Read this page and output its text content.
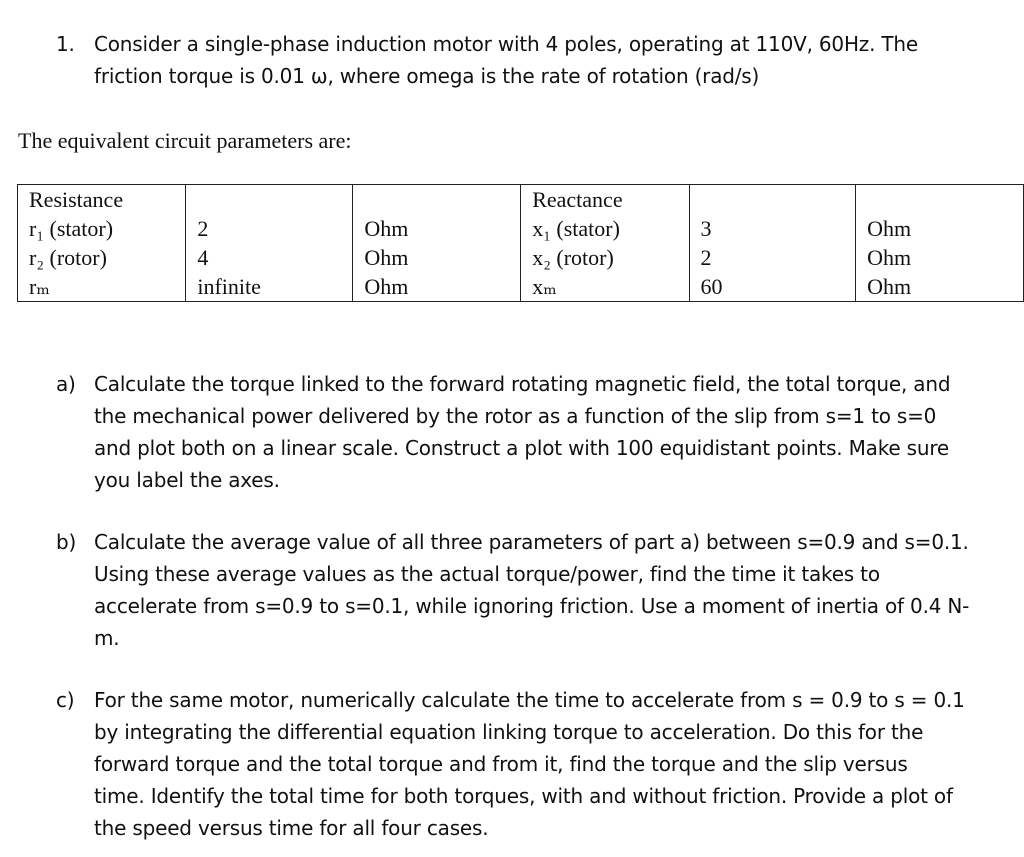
1. Consider a single-phase induction motor with 4 poles, operating at 110V, 60Hz. The
friction torque is 0.01 ω, where omega is the rate of rotation (rad/s)
The equivalent circuit parameters are:
Resistance			Reactance		
r₁ (stator)	2	Ohm	x₁ (stator)	3	Ohm
r₂ (rotor)	4	Ohm	x₂ (rotor)	2	Ohm
rₘ	infinite	Ohm	xₘ	60	Ohm
a) Calculate the torque linked to the forward rotating magnetic field, the total torque, and
the mechanical power delivered by the rotor as a function of the slip from s=1 to s=0
and plot both on a linear scale. Construct a plot with 100 equidistant points. Make sure
you label the axes.
b) Calculate the average value of all three parameters of part a) between s=0.9 and s=0.1.
Using these average values as the actual torque/power, find the time it takes to
accelerate from s=0.9 to s=0.1, while ignoring friction. Use a moment of inertia of 0.4 N-
m.
c) For the same motor, numerically calculate the time to accelerate from s = 0.9 to s = 0.1
by integrating the differential equation linking torque to acceleration. Do this for the
forward torque and the total torque and from it, find the torque and the slip versus
time. Identify the total time for both torques, with and without friction. Provide a plot of
the speed versus time for all four cases.
